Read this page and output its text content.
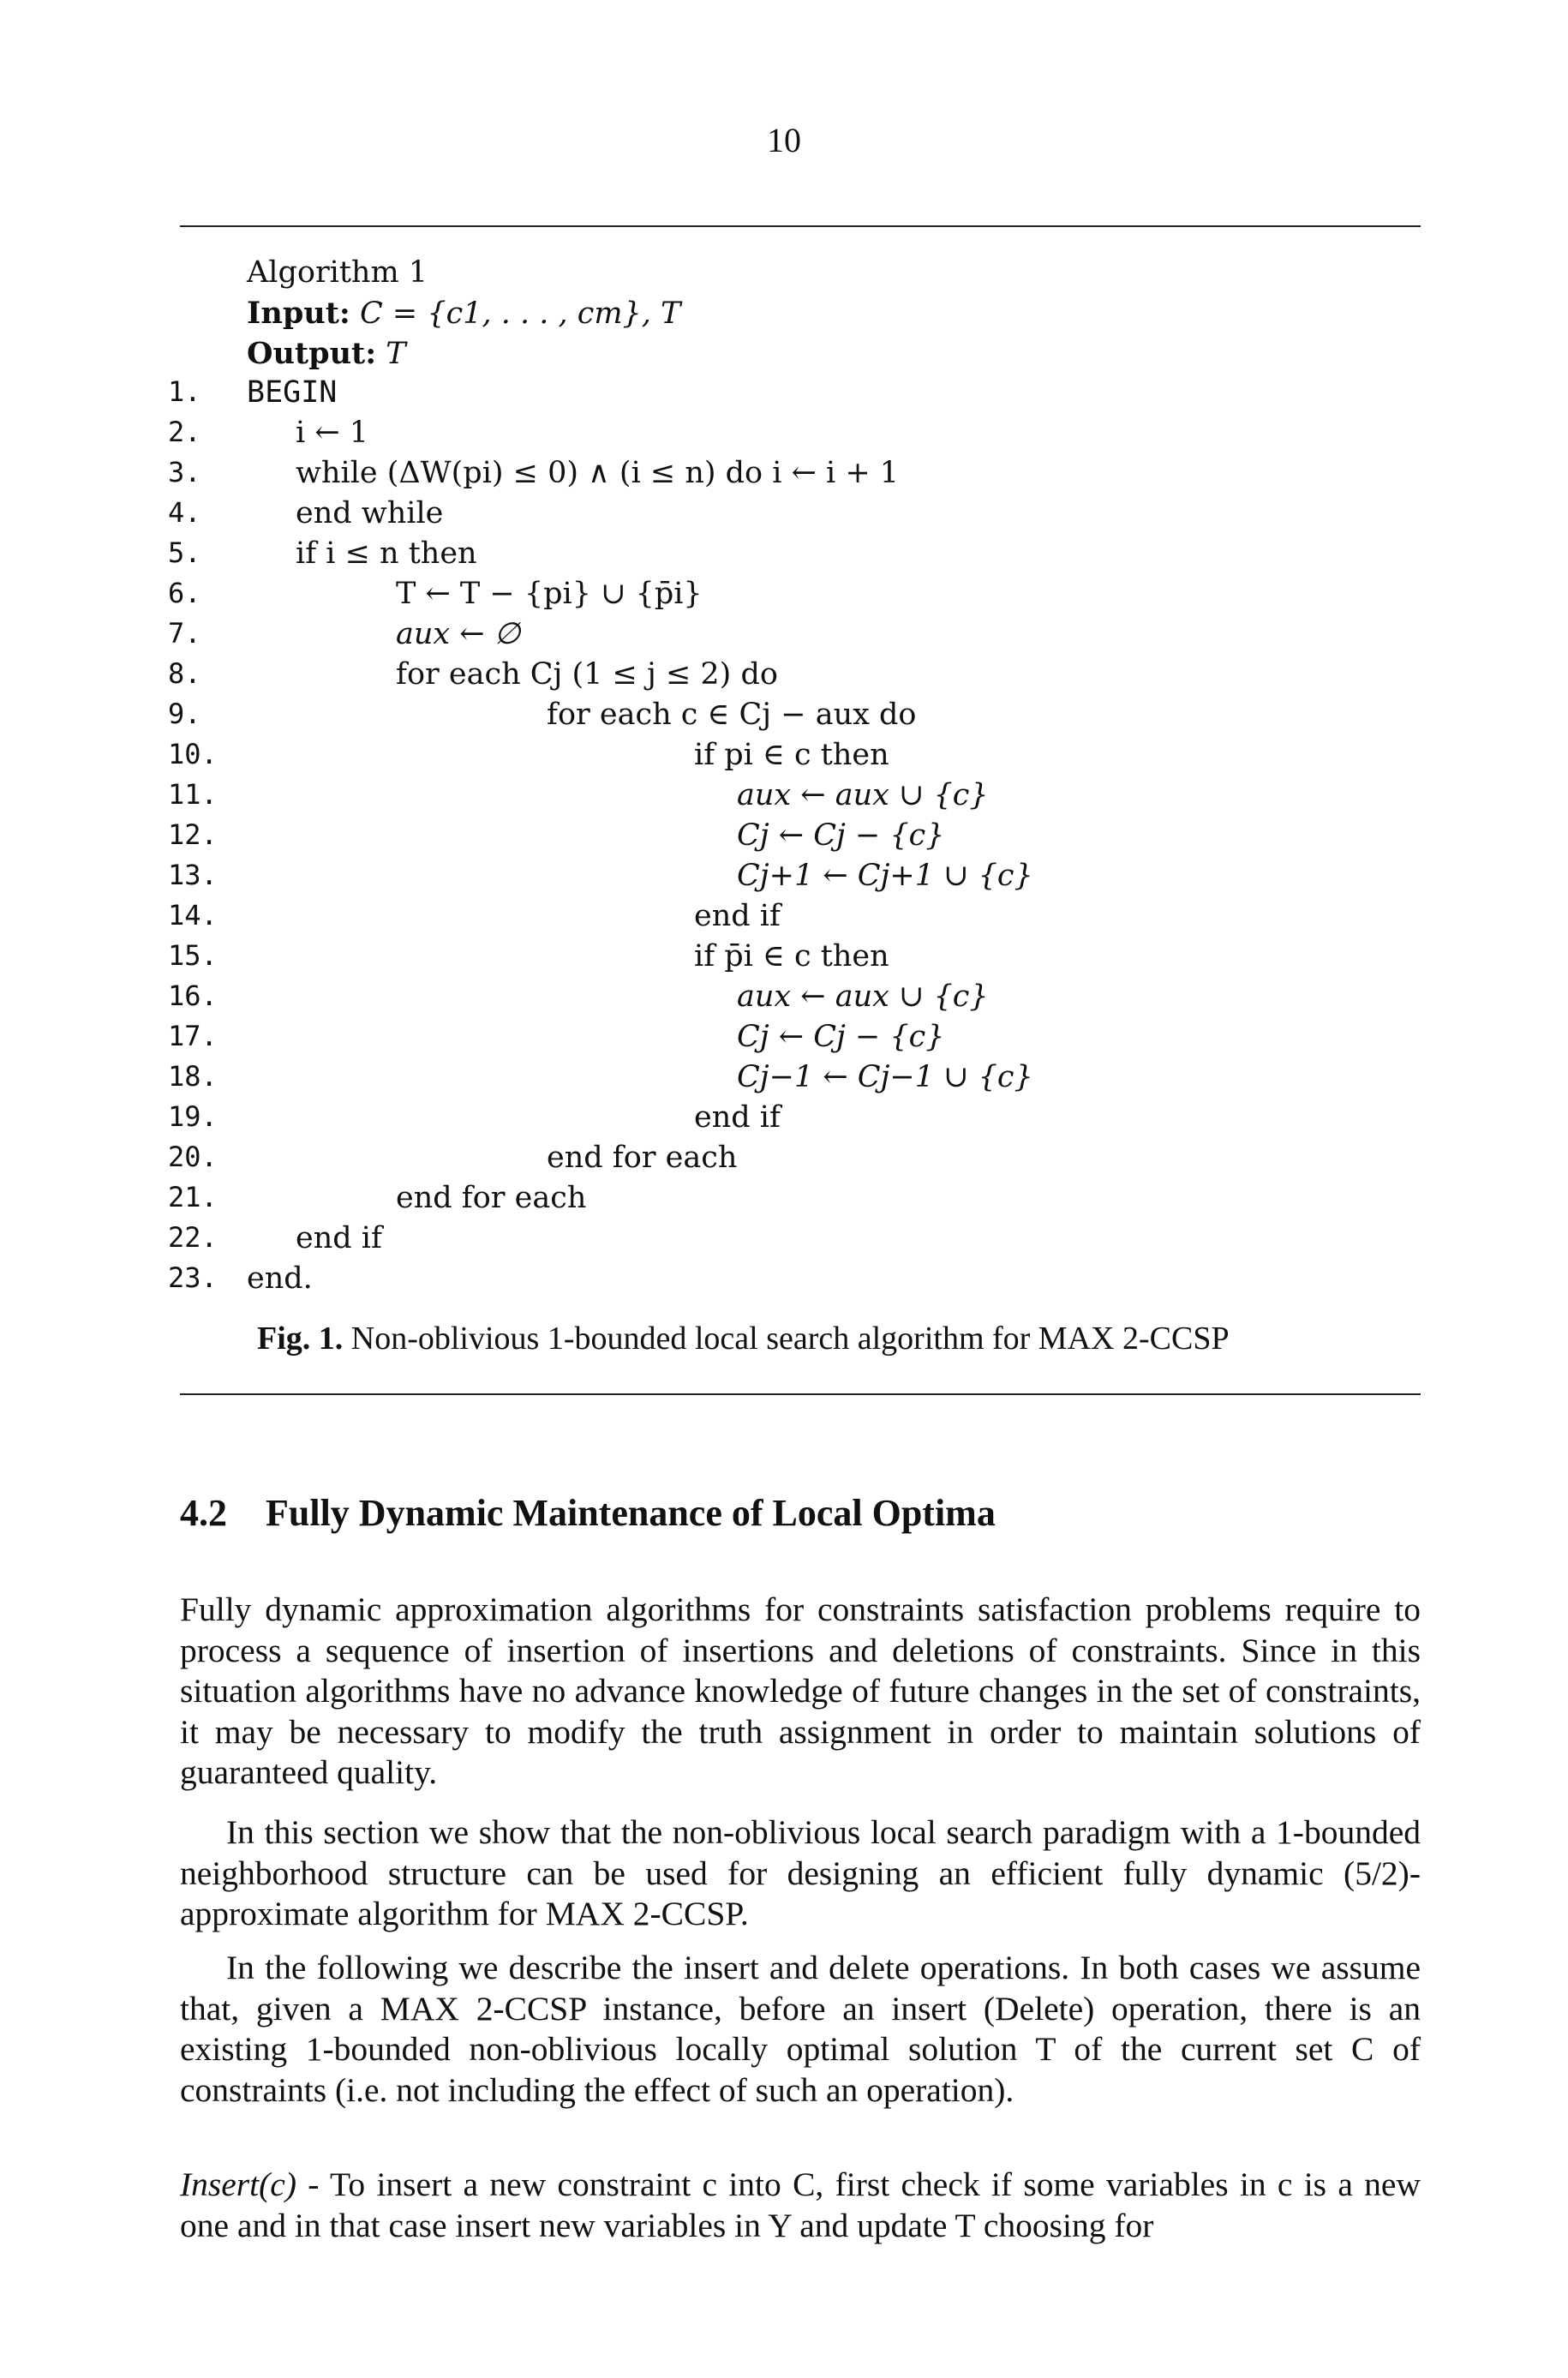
10
Algorithm 1
Input: C = {c1, . . . , cm}, T
Output: T
1.	BEGIN
2.	i ← 1
3.	while (ΔW(pi) ≤ 0) ∧ (i ≤ n) do i ← i + 1
4.	end while
5.	if i ≤ n then
6.	T ← T − {pi} ∪ {p̄i}
7.	aux ← ∅
8.	for each Cj (1 ≤ j ≤ 2) do
9.	for each c ∈ Cj − aux do
10.	if pi ∈ c then
11.	aux ← aux ∪ {c}
12.	Cj ← Cj − {c}
13.	Cj+1 ← Cj+1 ∪ {c}
14.	end if
15.	if p̄i ∈ c then
16.	aux ← aux ∪ {c}
17.	Cj ← Cj − {c}
18.	Cj−1 ← Cj−1 ∪ {c}
19.	end if
20.	end for each
21.	end for each
22.	end if
23. end.
Fig. 1. Non-oblivious 1-bounded local search algorithm for MAX 2-CCSP
4.2 Fully Dynamic Maintenance of Local Optima

Fully dynamic approximation algorithms for constraints satisfaction problems require to process a sequence of insertion of insertions and deletions of constraints. Since in this situation algorithms have no advance knowledge of future changes in the set of constraints, it may be necessary to modify the truth assignment in order to maintain solutions of guaranteed quality.

In this section we show that the non-oblivious local search paradigm with a 1-bounded neighborhood structure can be used for designing an efficient fully dynamic (5/2)-approximate algorithm for MAX 2-CCSP.

In the following we describe the insert and delete operations. In both cases we assume that, given a MAX 2-CCSP instance, before an insert (Delete) operation, there is an existing 1-bounded non-oblivious locally optimal solution T of the current set C of constraints (i.e. not including the effect of such an operation).

Insert(c) - To insert a new constraint c into C, first check if some variables in c is a new one and in that case insert new variables in Y and update T choosing for
